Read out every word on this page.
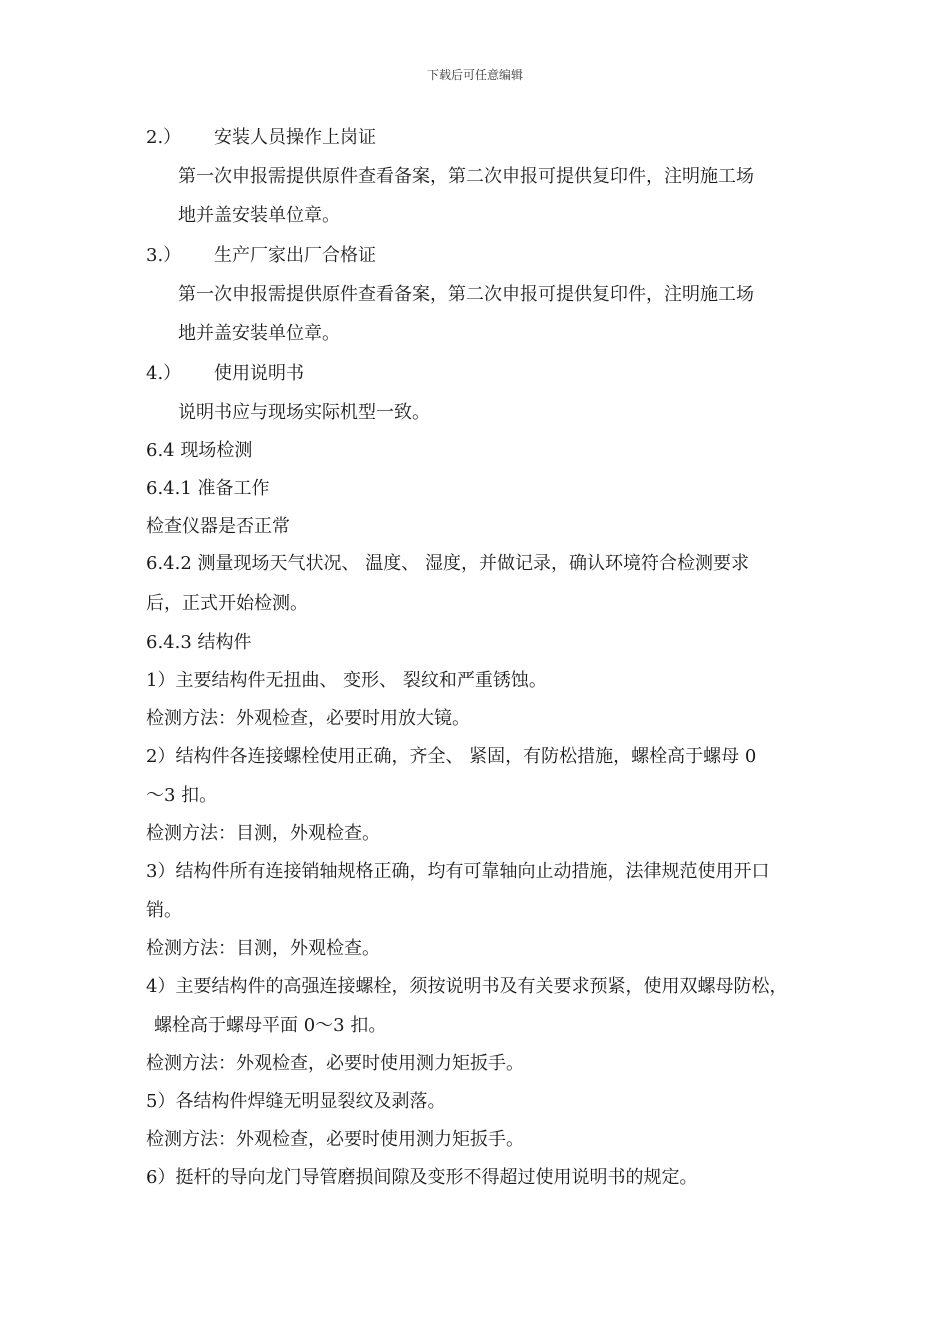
下载后可任意编辑
2.） 安装人员操作上岗证
第一次申报需提供原件查看备案，第二次申报可提供复印件，注明施工场
地并盖安装单位章。
3.） 生产厂家出厂合格证
第一次申报需提供原件查看备案，第二次申报可提供复印件，注明施工场
地并盖安装单位章。
4.） 使用说明书
说明书应与现场实际机型一致。
6.4 现场检测
6.4.1 准备工作
检查仪器是否正常
6.4.2 测量现场天气状况、 温度、 湿度，并做记录，确认环境符合检测要求
后，正式开始检测。
6.4.3 结构件
1）主要结构件无扭曲、 变形、 裂纹和严重锈蚀。
检测方法：外观检查，必要时用放大镜。
2）结构件各连接螺栓使用正确，齐全、 紧固，有防松措施，螺栓高于螺母 0
～3 扣。
检测方法：目测，外观检查。
3）结构件所有连接销轴规格正确，均有可靠轴向止动措施，法律规范使用开口
销。
检测方法：目测，外观检查。
4）主要结构件的高强连接螺栓，须按说明书及有关要求预紧，使用双螺母防松，
螺栓高于螺母平面 0～3 扣。
检测方法：外观检查，必要时使用测力矩扳手。
5）各结构件焊缝无明显裂纹及剥落。
检测方法：外观检查，必要时使用测力矩扳手。
6）挺杆的导向龙门导管磨损间隙及变形不得超过使用说明书的规定。
